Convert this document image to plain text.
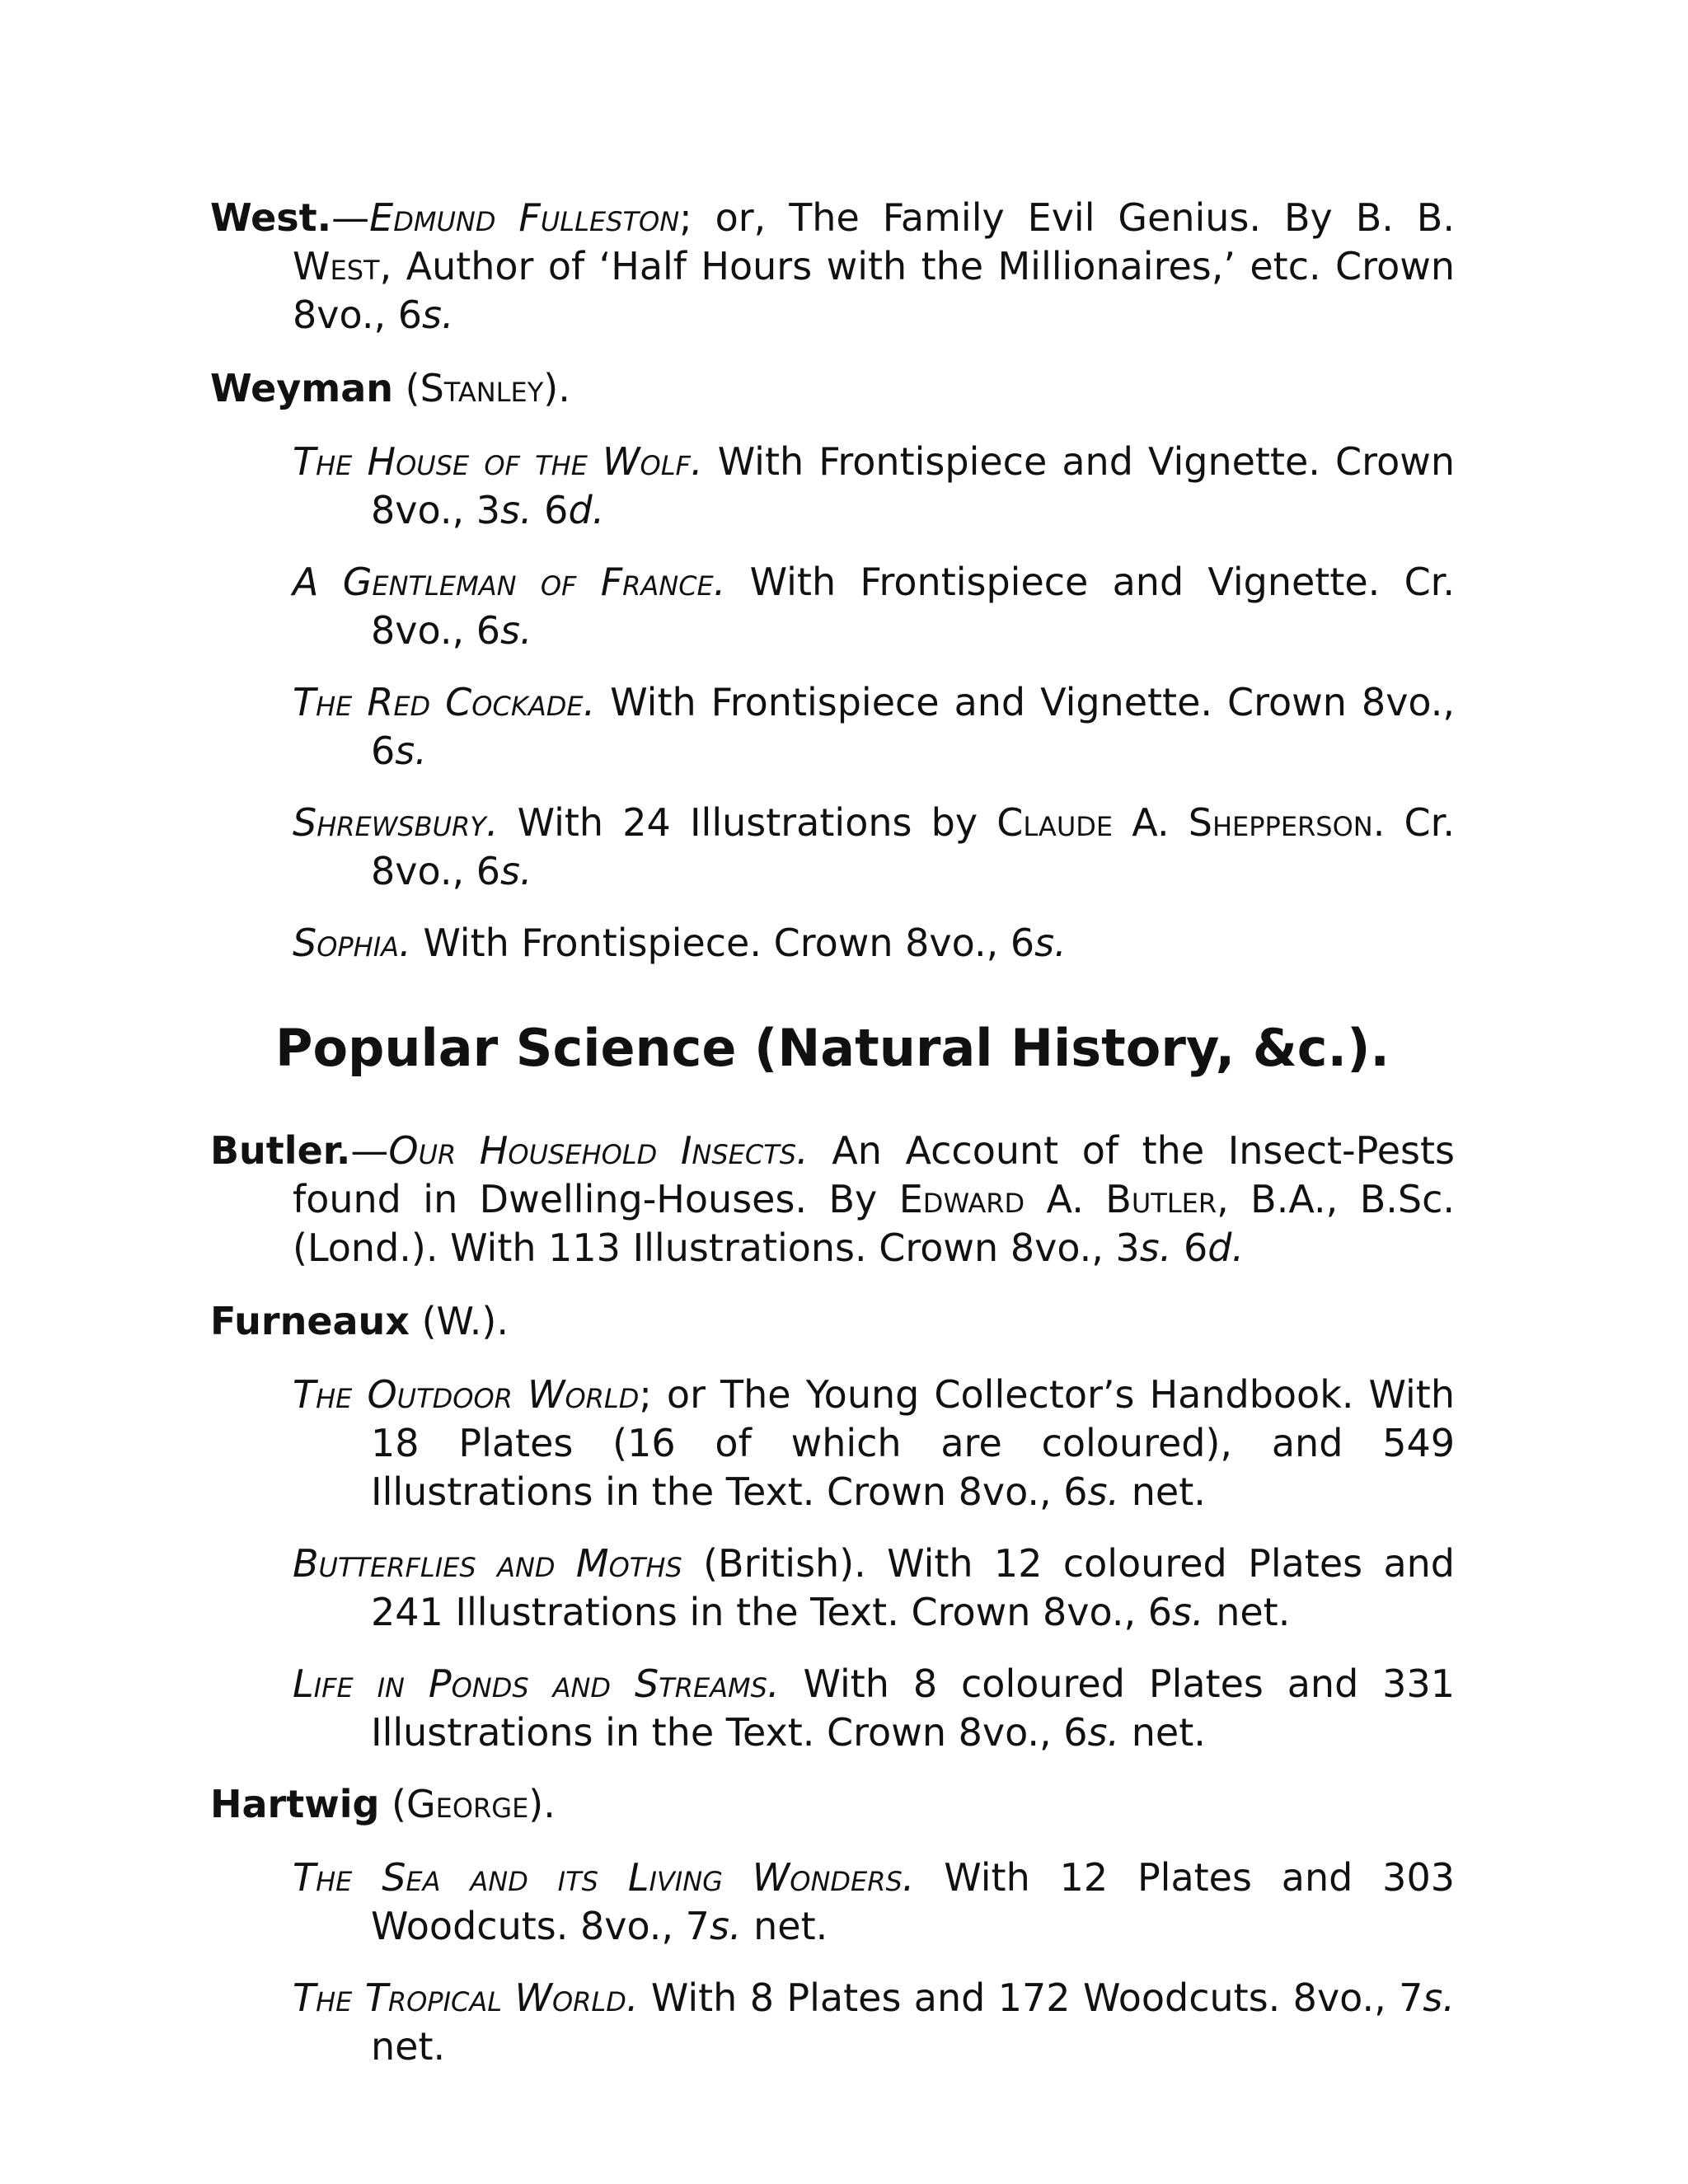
West.—Edmund Fulleston; or, The Family Evil Genius. By B. B. West, Author of ‘Half Hours with the Millionaires,’ etc. Crown 8vo., 6s.

Weyman (Stanley).

The House of the Wolf. With Frontispiece and Vignette. Crown 8vo., 3s. 6d.

A Gentleman of France. With Frontispiece and Vignette. Cr. 8vo., 6s.

The Red Cockade. With Frontispiece and Vignette. Crown 8vo., 6s.

Shrewsbury. With 24 Illustrations by Claude A. Shepperson. Cr. 8vo., 6s.

Sophia. With Frontispiece. Crown 8vo., 6s.

Popular Science (Natural History, &c.).

Butler.—Our Household Insects. An Account of the Insect-Pests found in Dwelling-Houses. By Edward A. Butler, B.A., B.Sc. (Lond.). With 113 Illustrations. Crown 8vo., 3s. 6d.

Furneaux (W.).

The Outdoor World; or The Young Collector’s Handbook. With 18 Plates (16 of which are coloured), and 549 Illustrations in the Text. Crown 8vo., 6s. net.

Butterflies and Moths (British). With 12 coloured Plates and 241 Illustrations in the Text. Crown 8vo., 6s. net.

Life in Ponds and Streams. With 8 coloured Plates and 331 Illustrations in the Text. Crown 8vo., 6s. net.

Hartwig (George).

The Sea and its Living Wonders. With 12 Plates and 303 Woodcuts. 8vo., 7s. net.

The Tropical World. With 8 Plates and 172 Woodcuts. 8vo., 7s. net.
